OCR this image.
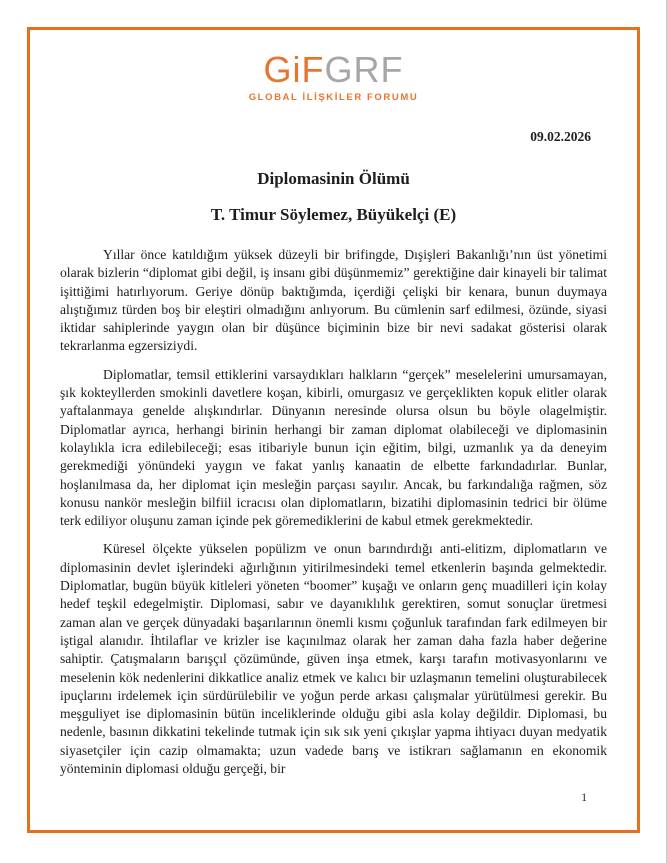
GiFGRF
GLOBAL İLİŞKİLER FORUMU
09.02.2026
Diplomasinin Ölümü
T. Timur Söylemez, Büyükelçi (E)

Yıllar önce katıldığım yüksek düzeyli bir brifingde, Dışişleri Bakanlığı’nın üst yönetimi olarak bizlerin “diplomat gibi değil, iş insanı gibi düşünmemiz” gerektiğine dair kinayeli bir talimat işittiğimi hatırlıyorum. Geriye dönüp baktığımda, içerdiği çelişki bir kenara, bunun duymaya alıştığımız türden boş bir eleştiri olmadığını anlıyorum. Bu cümlenin sarf edilmesi, özünde, siyasi iktidar sahiplerinde yaygın olan bir düşünce biçiminin bize bir nevi sadakat gösterisi olarak tekrarlanma egzersiziydi.

Diplomatlar, temsil ettiklerini varsaydıkları halkların “gerçek” meselelerini umursamayan, şık kokteyllerden smokinli davetlere koşan, kibirli, omurgasız ve gerçeklikten kopuk elitler olarak yaftalanmaya genelde alışkındırlar. Dünyanın neresinde olursa olsun bu böyle olagelmiştir. Diplomatlar ayrıca, herhangi birinin herhangi bir zaman diplomat olabileceği ve diplomasinin kolaylıkla icra edilebileceği; esas itibariyle bunun için eğitim, bilgi, uzmanlık ya da deneyim gerekmediği yönündeki yaygın ve fakat yanlış kanaatin de elbette farkındadırlar. Bunlar, hoşlanılmasa da, her diplomat için mesleğin parçası sayılır. Ancak, bu farkındalığa rağmen, söz konusu nankör mesleğin bilfiil icracısı olan diplomatların, bizatihi diplomasinin tedrici bir ölüme terk ediliyor oluşunu zaman içinde pek göremediklerini de kabul etmek gerekmektedir.

Küresel ölçekte yükselen popülizm ve onun barındırdığı anti-elitizm, diplomatların ve diplomasinin devlet işlerindeki ağırlığının yitirilmesindeki temel etkenlerin başında gelmektedir. Diplomatlar, bugün büyük kitleleri yöneten “boomer” kuşağı ve onların genç muadilleri için kolay hedef teşkil edegelmiştir. Diplomasi, sabır ve dayanıklılık gerektiren, somut sonuçlar üretmesi zaman alan ve gerçek dünyadaki başarılarının önemli kısmı çoğunluk tarafından fark edilmeyen bir iştigal alanıdır. İhtilaflar ve krizler ise kaçınılmaz olarak her zaman daha fazla haber değerine sahiptir. Çatışmaların barışçıl çözümünde, güven inşa etmek, karşı tarafın motivasyonlarını ve meselenin kök nedenlerini dikkatlice analiz etmek ve kalıcı bir uzlaşmanın temelini oluşturabilecek ipuçlarını irdelemek için sürdürülebilir ve yoğun perde arkası çalışmalar yürütülmesi gerekir. Bu meşguliyet ise diplomasinin bütün inceliklerinde olduğu gibi asla kolay değildir. Diplomasi, bu nedenle, basının dikkatini tekelinde tutmak için sık sık yeni çıkışlar yapma ihtiyacı duyan medyatik siyasetçiler için cazip olmamakta; uzun vadede barış ve istikrarı sağlamanın en ekonomik yönteminin diplomasi olduğu gerçeği, bir

1
